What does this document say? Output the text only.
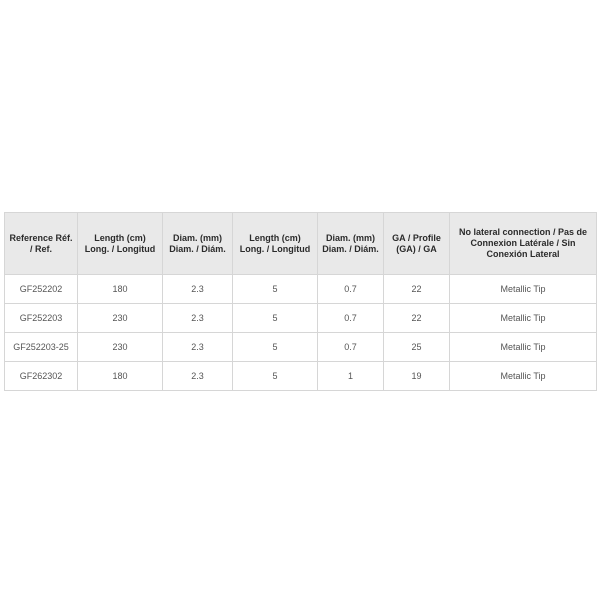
Reference Réf. / Ref.	Length (cm) Long. / Longitud	Diam. (mm) Diam. / Diám.	Length (cm) Long. / Longitud	Diam. (mm) Diam. / Diám.	GA / Profile (GA) / GA	No lateral connection / Pas de Connexion Latérale / Sin Conexión Lateral
GF252202	180	2.3	5	0.7	22	Metallic Tip
GF252203	230	2.3	5	0.7	22	Metallic Tip
GF252203-25	230	2.3	5	0.7	25	Metallic Tip
GF262302	180	2.3	5	1	19	Metallic Tip
